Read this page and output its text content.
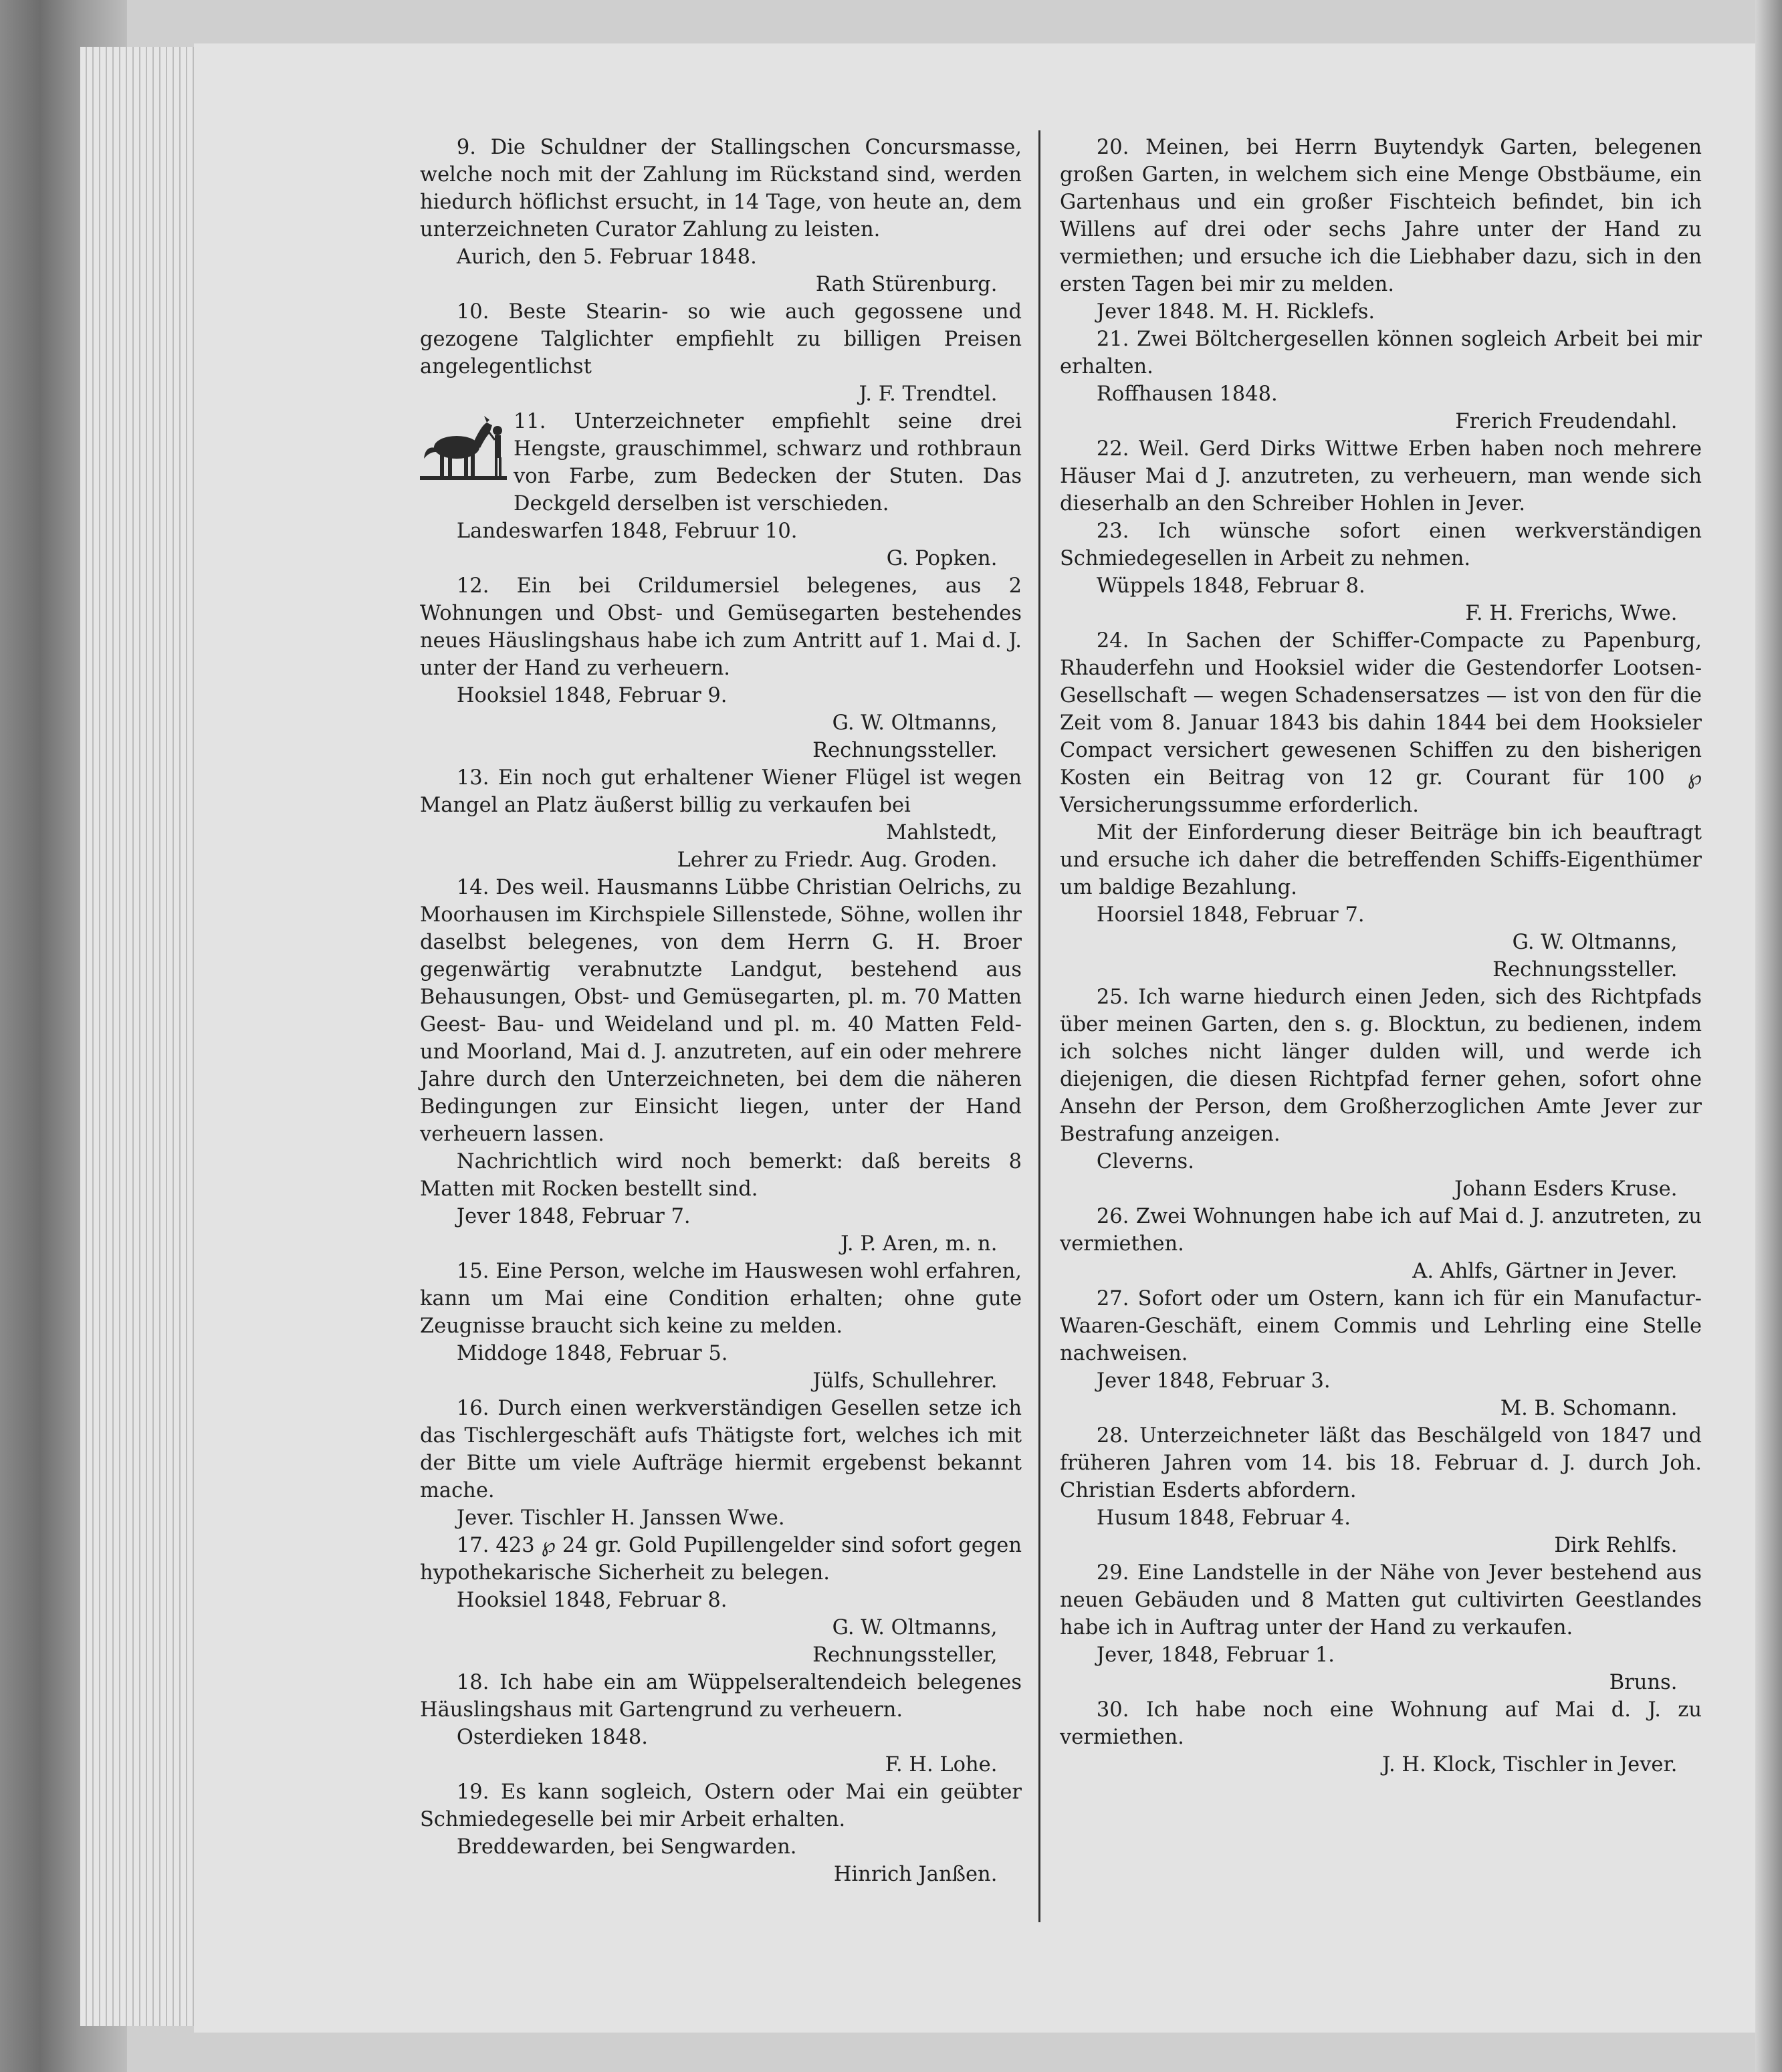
9. Die Schuldner der Stallingschen Concursmasse, welche noch mit der Zahlung im Rückstand sind, werden hiedurch höflichst ersucht, in 14 Tage, von heute an, dem unterzeichneten Curator Zahlung zu leisten.

Aurich, den 5. Februar 1848.

Rath Stürenburg.

10. Beste Stearin- so wie auch gegossene und gezogene Talglichter empfiehlt zu billigen Preisen angelegentlichst

J. F. Trendtel.

11. Unterzeichneter empfiehlt seine drei Hengste, grauschimmel, schwarz und rothbraun von Farbe, zum Bedecken der Stuten. Das Deckgeld derselben ist verschieden.

Landeswarfen 1848, Februur 10.

G. Popken.

12. Ein bei Crildumersiel belegenes, aus 2 Wohnungen und Obst- und Gemüsegarten bestehendes neues Häuslingshaus habe ich zum Antritt auf 1. Mai d. J. unter der Hand zu verheuern.

Hooksiel 1848, Februar 9.

G. W. Oltmanns,

Rechnungssteller.

13. Ein noch gut erhaltener Wiener Flügel ist wegen Mangel an Platz äußerst billig zu verkaufen bei

Mahlstedt,

Lehrer zu Friedr. Aug. Groden.

14. Des weil. Hausmanns Lübbe Christian Oelrichs, zu Moorhausen im Kirchspiele Sillenstede, Söhne, wollen ihr daselbst belegenes, von dem Herrn G. H. Broer gegenwärtig verabnutzte Landgut, bestehend aus Behausungen, Obst- und Gemüsegarten, pl. m. 70 Matten Geest- Bau- und Weideland und pl. m. 40 Matten Feld- und Moorland, Mai d. J. anzutreten, auf ein oder mehrere Jahre durch den Unterzeichneten, bei dem die näheren Bedingungen zur Einsicht liegen, unter der Hand verheuern lassen.

Nachrichtlich wird noch bemerkt: daß bereits 8 Matten mit Rocken bestellt sind.

Jever 1848, Februar 7.

J. P. Aren, m. n.

15. Eine Person, welche im Hauswesen wohl erfahren, kann um Mai eine Condition erhalten; ohne gute Zeugnisse braucht sich keine zu melden.

Middoge 1848, Februar 5.

Jülfs, Schullehrer.

16. Durch einen werkverständigen Gesellen setze ich das Tischlergeschäft aufs Thätigste fort, welches ich mit der Bitte um viele Aufträge hiermit ergebenst bekannt mache.

Jever. Tischler H. Janssen Wwe.

17. 423 ℘ 24 gr. Gold Pupillengelder sind sofort gegen hypothekarische Sicherheit zu belegen.

Hooksiel 1848, Februar 8.

G. W. Oltmanns,

Rechnungssteller,

18. Ich habe ein am Wüppelseraltendeich belegenes Häuslingshaus mit Gartengrund zu verheuern.

Osterdieken 1848.

F. H. Lohe.

19. Es kann sogleich, Ostern oder Mai ein geübter Schmiedegeselle bei mir Arbeit erhalten.

Breddewarden, bei Sengwarden.

Hinrich Janßen.

20. Meinen, bei Herrn Buytendyk Garten, belegenen großen Garten, in welchem sich eine Menge Obstbäume, ein Gartenhaus und ein großer Fischteich befindet, bin ich Willens auf drei oder sechs Jahre unter der Hand zu vermiethen; und ersuche ich die Liebhaber dazu, sich in den ersten Tagen bei mir zu melden.

Jever 1848. M. H. Ricklefs.

21. Zwei Böltchergesellen können sogleich Arbeit bei mir erhalten.

Roffhausen 1848.

Frerich Freudendahl.

22. Weil. Gerd Dirks Wittwe Erben haben noch mehrere Häuser Mai d J. anzutreten, zu verheuern, man wende sich dieserhalb an den Schreiber Hohlen in Jever.

23. Ich wünsche sofort einen werkverständigen Schmiedegesellen in Arbeit zu nehmen.

Wüppels 1848, Februar 8.

F. H. Frerichs, Wwe.

24. In Sachen der Schiffer-Compacte zu Papenburg, Rhauderfehn und Hooksiel wider die Gestendorfer Lootsen-Gesellschaft — wegen Schadensersatzes — ist von den für die Zeit vom 8. Januar 1843 bis dahin 1844 bei dem Hooksieler Compact versichert gewesenen Schiffen zu den bisherigen Kosten ein Beitrag von 12 gr. Courant für 100 ℘ Versicherungssumme erforderlich.

Mit der Einforderung dieser Beiträge bin ich beauftragt und ersuche ich daher die betreffenden Schiffs-Eigenthümer um baldige Bezahlung.

Hoorsiel 1848, Februar 7.

G. W. Oltmanns,

Rechnungssteller.

25. Ich warne hiedurch einen Jeden, sich des Richtpfads über meinen Garten, den s. g. Blocktun, zu bedienen, indem ich solches nicht länger dulden will, und werde ich diejenigen, die diesen Richtpfad ferner gehen, sofort ohne Ansehn der Person, dem Großherzoglichen Amte Jever zur Bestrafung anzeigen.

Cleverns.

Johann Esders Kruse.

26. Zwei Wohnungen habe ich auf Mai d. J. anzutreten, zu vermiethen.

A. Ahlfs, Gärtner in Jever.

27. Sofort oder um Ostern, kann ich für ein Manufactur-Waaren-Geschäft, einem Commis und Lehrling eine Stelle nachweisen.

Jever 1848, Februar 3.

M. B. Schomann.

28. Unterzeichneter läßt das Beschälgeld von 1847 und früheren Jahren vom 14. bis 18. Februar d. J. durch Joh. Christian Esderts abfordern.

Husum 1848, Februar 4.

Dirk Rehlfs.

29. Eine Landstelle in der Nähe von Jever bestehend aus neuen Gebäuden und 8 Matten gut cultivirten Geestlandes habe ich in Auftrag unter der Hand zu verkaufen.

Jever, 1848, Februar 1.

Bruns.

30. Ich habe noch eine Wohnung auf Mai d. J. zu vermiethen.

J. H. Klock, Tischler in Jever.
